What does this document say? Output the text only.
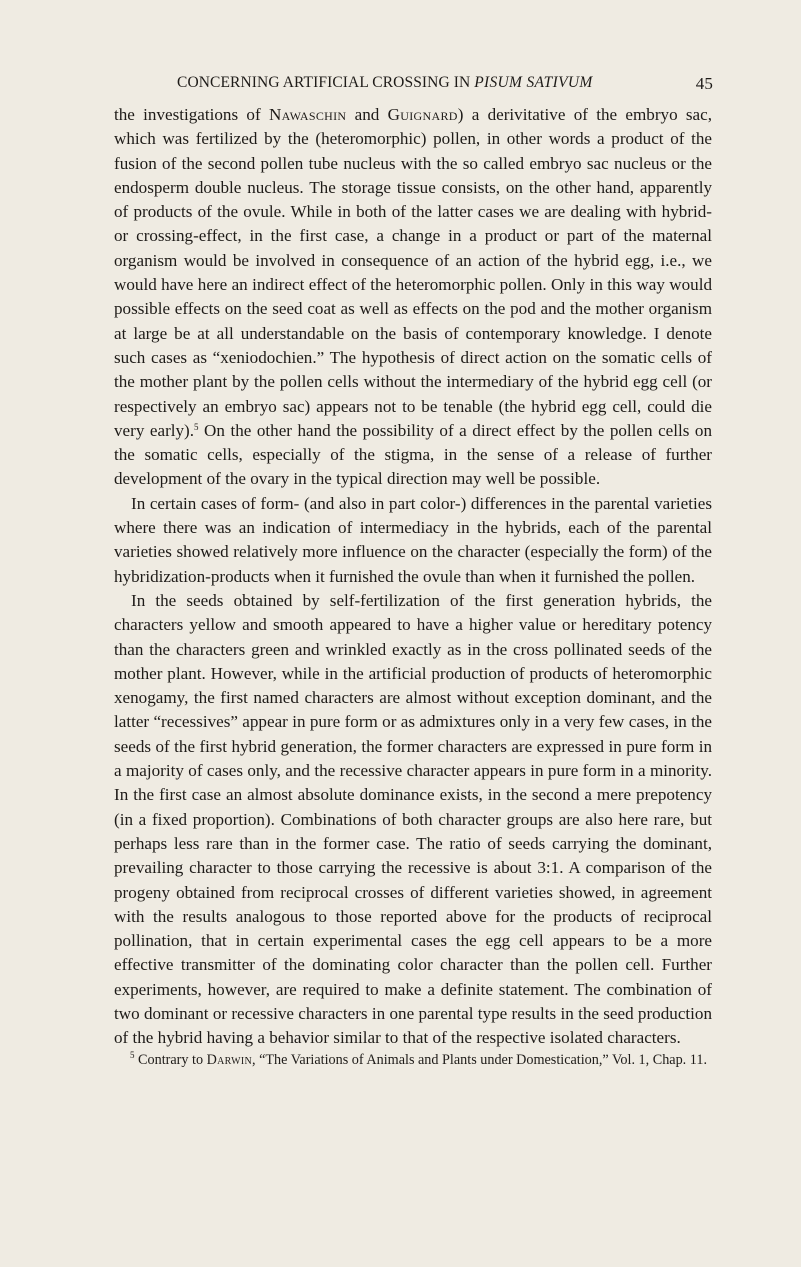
CONCERNING ARTIFICIAL CROSSING IN PISUM SATIVUM	45

the investigations of Nawaschin and Guignard) a derivitative of the embryo sac, which was fertilized by the (heteromorphic) pollen, in other words a product of the fusion of the second pollen tube nucleus with the so called embryo sac nucleus or the endosperm double nucleus. The storage tissue consists, on the other hand, apparently of products of the ovule. While in both of the latter cases we are dealing with hybrid- or crossing-effect, in the first case, a change in a product or part of the maternal organism would be involved in consequence of an action of the hybrid egg, i.e., we would have here an indirect effect of the heteromorphic pollen. Only in this way would possible effects on the seed coat as well as effects on the pod and the mother organism at large be at all understandable on the basis of contemporary knowledge. I denote such cases as “xeniodochien.” The hypothesis of direct action on the somatic cells of the mother plant by the pollen cells without the intermediary of the hybrid egg cell (or respectively an embryo sac) appears not to be tenable (the hybrid egg cell, could die very early).$^5$ On the other hand the possibility of a direct effect by the pollen cells on the somatic cells, especially of the stigma, in the sense of a release of further development of the ovary in the typical direction may well be possible.

In certain cases of form- (and also in part color-) differences in the parental varieties where there was an indication of intermediacy in the hybrids, each of the parental varieties showed relatively more influence on the character (especially the form) of the hybridization-products when it furnished the ovule than when it furnished the pollen.

In the seeds obtained by self-fertilization of the first generation hybrids, the characters yellow and smooth appeared to have a higher value or hereditary potency than the characters green and wrinkled exactly as in the cross pollinated seeds of the mother plant. However, while in the artificial production of products of heteromorphic xenogamy, the first named characters are almost without exception dominant, and the latter “recessives” appear in pure form or as admixtures only in a very few cases, in the seeds of the first hybrid generation, the former characters are expressed in pure form in a majority of cases only, and the recessive character appears in pure form in a minority. In the first case an almost absolute dominance exists, in the second a mere prepotency (in a fixed proportion). Combinations of both character groups are also here rare, but perhaps less rare than in the former case. The ratio of seeds carrying the dominant, prevailing character to those carrying the recessive is about 3:1. A comparison of the progeny obtained from reciprocal crosses of different varieties showed, in agreement with the results analogous to those reported above for the products of reciprocal pollination, that in certain experimental cases the egg cell appears to be a more effective transmitter of the dominating color character than the pollen cell. Further experiments, however, are required to make a definite statement. The combination of two dominant or recessive characters in one parental type results in the seed production of the hybrid having a behavior similar to that of the respective isolated characters.

$^5$ Contrary to Darwin, “The Variations of Animals and Plants under Domestication,” Vol. 1, Chap. 11.
